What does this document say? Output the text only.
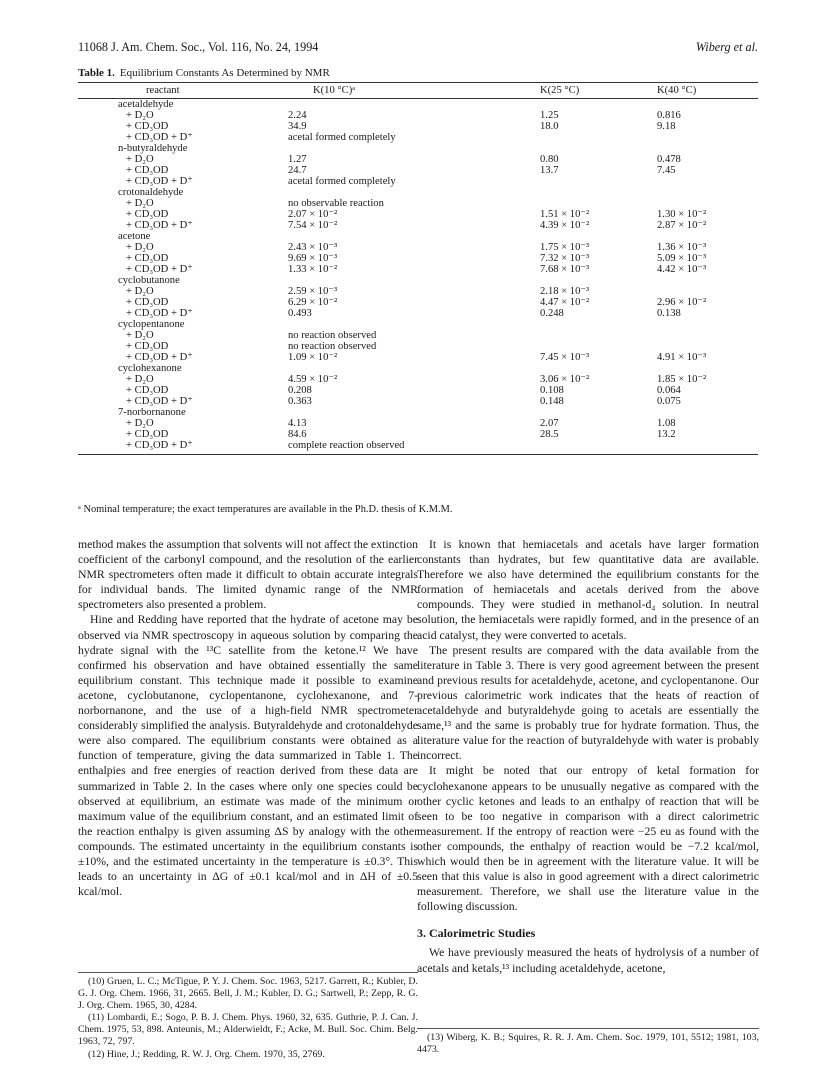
11068 J. Am. Chem. Soc., Vol. 116, No. 24, 1994	Wiberg et al.
Table 1. Equilibrium Constants As Determined by NMR
reactant	K(10 °C)ᵃ	K(25 °C)	K(40 °C)
acetaldehyde			
+ D₂O	2.24	1.25	0.816
+ CD₃OD	34.9	18.0	9.18
+ CD₃OD + D⁺	acetal formed completely		
n-butyraldehyde			
+ D₂O	1.27	0.80	0.478
+ CD₃OD	24.7	13.7	7.45
+ CD₃OD + D⁺	acetal formed completely		
crotonaldehyde			
+ D₂O	no observable reaction		
+ CD₃OD	2.07 × 10⁻²	1.51 × 10⁻²	1.30 × 10⁻²
+ CD₃OD + D⁺	7.54 × 10⁻²	4.39 × 10⁻²	2.87 × 10⁻²
acetone			
+ D₂O	2.43 × 10⁻³	1.75 × 10⁻³	1.36 × 10⁻³
+ CD₃OD	9.69 × 10⁻³	7.32 × 10⁻³	5.09 × 10⁻³
+ CD₃OD + D⁺	1.33 × 10⁻²	7.68 × 10⁻³	4.42 × 10⁻³
cyclobutanone			
+ D₂O	2.59 × 10⁻³	2.18 × 10⁻³	
+ CD₃OD	6.29 × 10⁻²	4.47 × 10⁻²	2.96 × 10⁻²
+ CD₃OD + D⁺	0.493	0.248	0.138
cyclopentanone			
+ D₂O	no reaction observed		
+ CD₃OD	no reaction observed		
+ CD₃OD + D⁺	1.09 × 10⁻²	7.45 × 10⁻³	4.91 × 10⁻³
cyclohexanone			
+ D₂O	4.59 × 10⁻²	3.06 × 10⁻²	1.85 × 10⁻²
+ CD₃OD	0.208	0.108	0.064
+ CD₃OD + D⁺	0.363	0.148	0.075
7-norbornanone			
+ D₂O	4.13	2.07	1.08
+ CD₃OD	84.6	28.5	13.2
+ CD₃OD + D⁺	complete reaction observed		
ᵃ Nominal temperature; the exact temperatures are available in the Ph.D. thesis of K.M.M.

method makes the assumption that solvents will not affect the extinction coefficient of the carbonyl compound, and the resolution of the earlier NMR spectrometers often made it difficult to obtain accurate integrals for individual bands. The limited dynamic range of the NMR spectrometers also presented a problem.

Hine and Redding have reported that the hydrate of acetone may be observed via NMR spectroscopy in aqueous solution by comparing the hydrate signal with the ¹³C satellite from the ketone.¹² We have confirmed his observation and have obtained essentially the same equilibrium constant. This technique made it possible to examine acetone, cyclobutanone, cyclopentanone, cyclohexanone, and 7-norbornanone, and the use of a high-field NMR spectrometer considerably simplified the analysis. Butyraldehyde and crotonaldehyde were also compared. The equilibrium constants were obtained as a function of temperature, giving the data summarized in Table 1. The enthalpies and free energies of reaction derived from these data are summarized in Table 2. In the cases where only one species could be observed at equilibrium, an estimate was made of the minimum or maximum value of the equilibrium constant, and an estimated limit of the reaction enthalpy is given assuming ΔS by analogy with the other compounds. The estimated uncertainty in the equilibrium constants is ±10%, and the estimated uncertainty in the temperature is ±0.3°. This leads to an uncertainty in ΔG of ±0.1 kcal/mol and in ΔH of ±0.5 kcal/mol.

It is known that hemiacetals and acetals have larger formation constants than hydrates, but few quantitative data are available. Therefore we also have determined the equilibrium constants for the formation of hemiacetals and acetals derived from the above compounds. They were studied in methanol-d₄ solution. In neutral solution, the hemiacetals were rapidly formed, and in the presence of an acid catalyst, they were converted to acetals.

The present results are compared with the data available from the literature in Table 3. There is very good agreement between the present and previous results for acetaldehyde, acetone, and cyclopentanone. Our previous calorimetric work indicates that the heats of reaction of acetaldehyde and butyraldehyde going to acetals are essentially the same,¹³ and the same is probably true for hydrate formation. Thus, the literature value for the reaction of butyraldehyde with water is probably incorrect.

It might be noted that our entropy of ketal formation for cyclohexanone appears to be unusually negative as compared with the other cyclic ketones and leads to an enthalpy of reaction that will be seen to be too negative in comparison with a direct calorimetric measurement. If the entropy of reaction were −25 eu as found with the other compounds, the enthalpy of reaction would be −7.2 kcal/mol, which would then be in agreement with the literature value. It will be seen that this value is also in good agreement with a direct calorimetric measurement. Therefore, we shall use the literature value in the following discussion.

3. Calorimetric Studies

We have previously measured the heats of hydrolysis of a number of acetals and ketals,¹³ including acetaldehyde, acetone,

(10) Gruen, L. C.; McTigue, P. Y. J. Chem. Soc. 1963, 5217. Garrett, R.; Kubler, D. G. J. Org. Chem. 1966, 31, 2665. Bell, J. M.; Kubler, D. G.; Sartwell, P.; Zepp, R. G. J. Org. Chem. 1965, 30, 4284.

(11) Lombardi, E.; Sogo, P. B. J. Chem. Phys. 1960, 32, 635. Guthrie, P. J. Can. J. Chem. 1975, 53, 898. Anteunis, M.; Alderwieldt, F.; Acke, M. Bull. Soc. Chim. Belg. 1963, 72, 797.

(12) Hine, J.; Redding, R. W. J. Org. Chem. 1970, 35, 2769.

(13) Wiberg, K. B.; Squires, R. R. J. Am. Chem. Soc. 1979, 101, 5512; 1981, 103, 4473.
